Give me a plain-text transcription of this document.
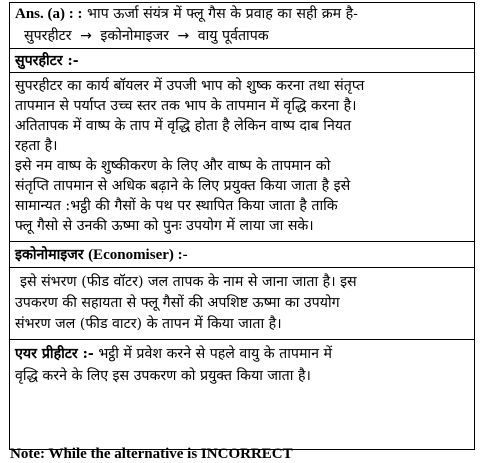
Ans. (a) : : भाप ऊर्जा संयंत्र में फ्लू गैस के प्रवाह का सही क्रम है-
सुपरहीटर → इकोनोमाइजर → वायु पूर्वतापक
सुपरहीटर :-
सुपरहीटर का कार्य बॉयलर में उपजी भाप को शुष्क करना तथा संतृप्त
तापमान से पर्याप्त उच्च स्तर तक भाप के तापमान में वृद्धि करना है।
अतितापक में वाष्प के ताप में वृद्धि होता है लेकिन वाष्प दाब नियत
रहता है।
इसे नम वाष्प के शुष्कीकरण के लिए और वाष्प के तापमान को
संतृप्ति तापमान से अधिक बढ़ाने के लिए प्रयुक्त किया जाता है इसे
सामान्यत :भट्ठी की गैसों के पथ पर स्थापित किया जाता है ताकि
फ्लू गैसो से उनकी ऊष्मा को पुनः उपयोग में लाया जा सके।
इकोनोमाइजर (Economiser) :-
इसे संभरण (फीड वॉटर) जल तापक के नाम से जाना जाता है। इस
उपकरण की सहायता से फ्लू गैसों की अपशिष्ट ऊष्मा का उपयोग
संभरण जल (फीड वाटर) के तापन में किया जाता है।
एयर प्रीहीटर :- भट्ठी में प्रवेश करने से पहले वायु के तापमान में
वृद्धि करने के लिए इस उपकरण को प्रयुक्त किया जाता है।
Note: While the alternative is INCORRECT
